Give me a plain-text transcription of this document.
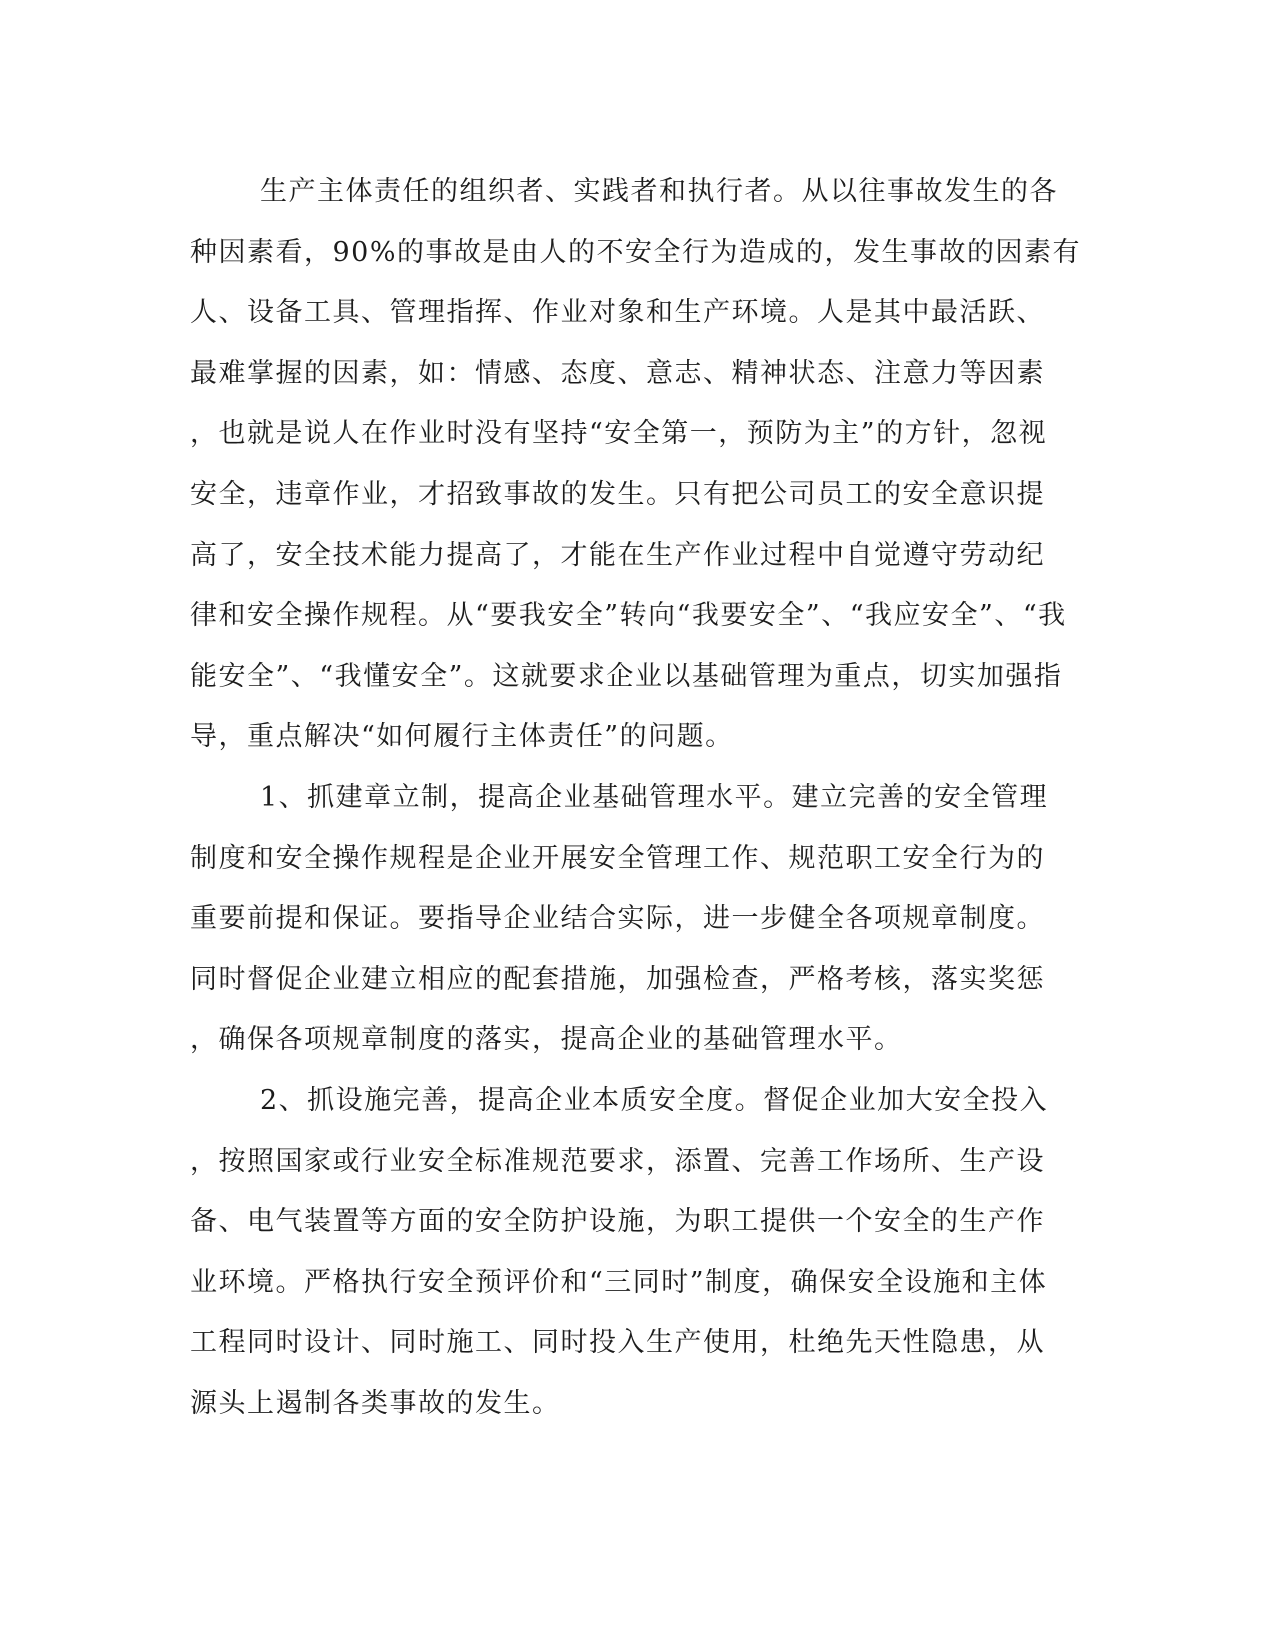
生产主体责任的组织者、实践者和执行者。从以往事故发生的各
种因素看，90%的事故是由人的不安全行为造成的，发生事故的因素有
人、设备工具、管理指挥、作业对象和生产环境。人是其中最活跃、
最难掌握的因素，如：情感、态度、意志、精神状态、注意力等因素
，也就是说人在作业时没有坚持“安全第一，预防为主”的方针，忽视
安全，违章作业，才招致事故的发生。只有把公司员工的安全意识提
高了，安全技术能力提高了，才能在生产作业过程中自觉遵守劳动纪
律和安全操作规程。从“要我安全”转向“我要安全”、“我应安全”、“我
能安全”、“我懂安全”。这就要求企业以基础管理为重点，切实加强指
导，重点解决“如何履行主体责任”的问题。
1、抓建章立制，提高企业基础管理水平。建立完善的安全管理
制度和安全操作规程是企业开展安全管理工作、规范职工安全行为的
重要前提和保证。要指导企业结合实际，进一步健全各项规章制度。
同时督促企业建立相应的配套措施，加强检查，严格考核，落实奖惩
，确保各项规章制度的落实，提高企业的基础管理水平。
2、抓设施完善，提高企业本质安全度。督促企业加大安全投入
，按照国家或行业安全标准规范要求，添置、完善工作场所、生产设
备、电气装置等方面的安全防护设施，为职工提供一个安全的生产作
业环境。严格执行安全预评价和“三同时”制度，确保安全设施和主体
工程同时设计、同时施工、同时投入生产使用，杜绝先天性隐患，从
源头上遏制各类事故的发生。
